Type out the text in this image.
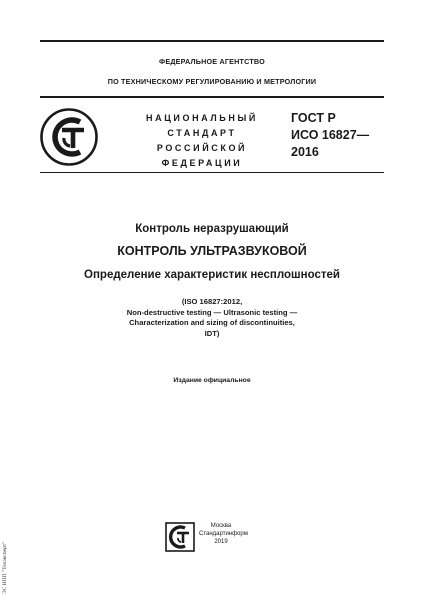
ФЕДЕРАЛЬНОЕ АГЕНТСТВО
ПО ТЕХНИЧЕСКОМУ РЕГУЛИРОВАНИЮ И МЕТРОЛОГИИ
НАЦИОНАЛЬНЫЙ
СТАНДАРТ
РОССИЙСКОЙ
ФЕДЕРАЦИИ
ГОСТ Р
ИСО 16827—
2016
Контроль неразрушающий
КОНТРОЛЬ УЛЬТРАЗВУКОВОЙ
Определение характеристик несплошностей
(ISO 16827:2012,
Non-destructive testing — Ultrasonic testing —
Characterization and sizing of discontinuities,
IDT)
Издание официальное
Москва
Стандартинформ
2019
ЭС НПП "Техэксперт"
